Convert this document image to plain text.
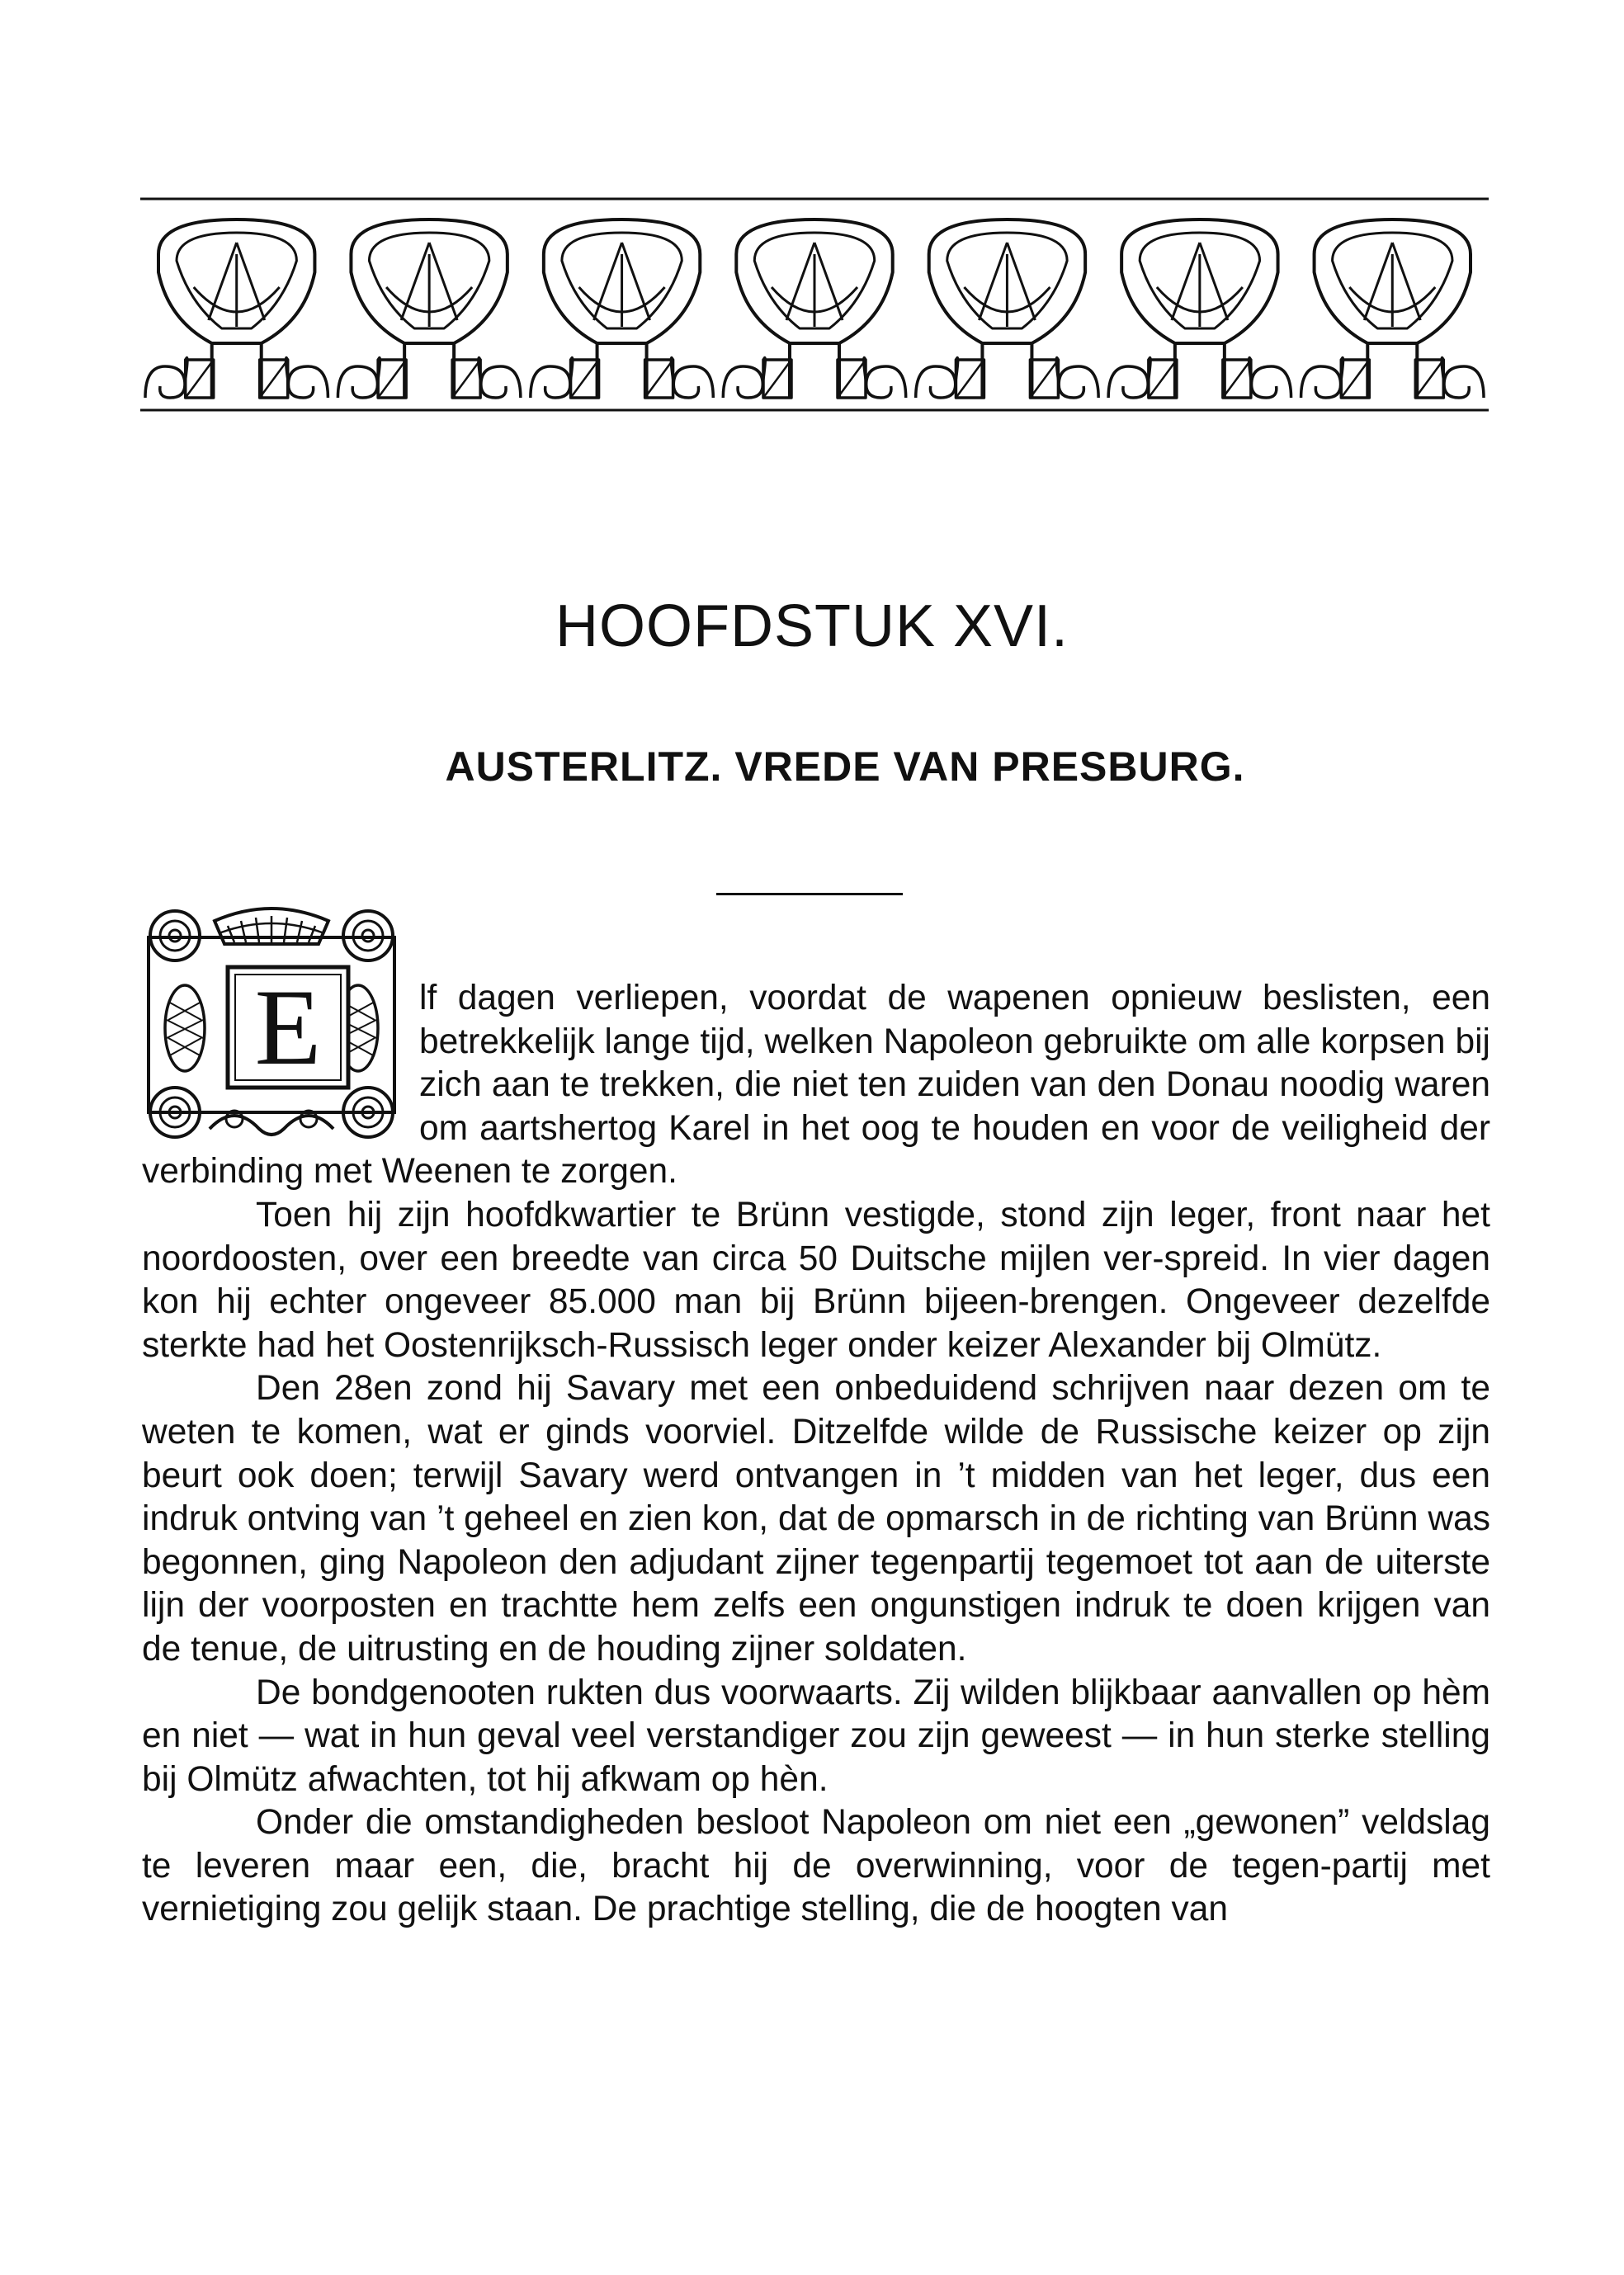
HOOFDSTUK XVI.
AUSTERLITZ. VREDE VAN PRESBURG.

E	lf dagen verliepen, voordat de wapenen opnieuw beslisten, een betrekkelijk lange tijd, welken Napoleon gebruikte om alle korpsen bij zich aan te trekken, die niet ten zuiden van den Donau noodig waren om aartshertog Karel in het oog te houden en voor de veiligheid der verbinding met Weenen te zorgen.

Toen hij zijn hoofdkwartier te Brünn vestigde, stond zijn leger, front naar het noordoosten, over een breedte van circa 50 Duitsche mijlen ver-spreid. In vier dagen kon hij echter ongeveer 85.000 man bij Brünn bijeen-brengen. Ongeveer dezelfde sterkte had het Oostenrijksch-Russisch leger onder keizer Alexander bij Olmütz.

Den 28en zond hij Savary met een onbeduidend schrijven naar dezen om te weten te komen, wat er ginds voorviel. Ditzelfde wilde de Russische keizer op zijn beurt ook doen; terwijl Savary werd ontvangen in ’t midden van het leger, dus een indruk ontving van ’t geheel en zien kon, dat de opmarsch in de richting van Brünn was begonnen, ging Napoleon den adjudant zijner tegenpartij tegemoet tot aan de uiterste lijn der voorposten en trachtte hem zelfs een ongunstigen indruk te doen krijgen van de tenue, de uitrusting en de houding zijner soldaten.

De bondgenooten rukten dus voorwaarts. Zij wilden blijkbaar aanvallen op hèm en niet — wat in hun geval veel verstandiger zou zijn geweest — in hun sterke stelling bij Olmütz afwachten, tot hij afkwam op hèn.

Onder die omstandigheden besloot Napoleon om niet een „gewonen” veldslag te leveren maar een, die, bracht hij de overwinning, voor de tegen-partij met vernietiging zou gelijk staan. De prachtige stelling, die de hoogten van
